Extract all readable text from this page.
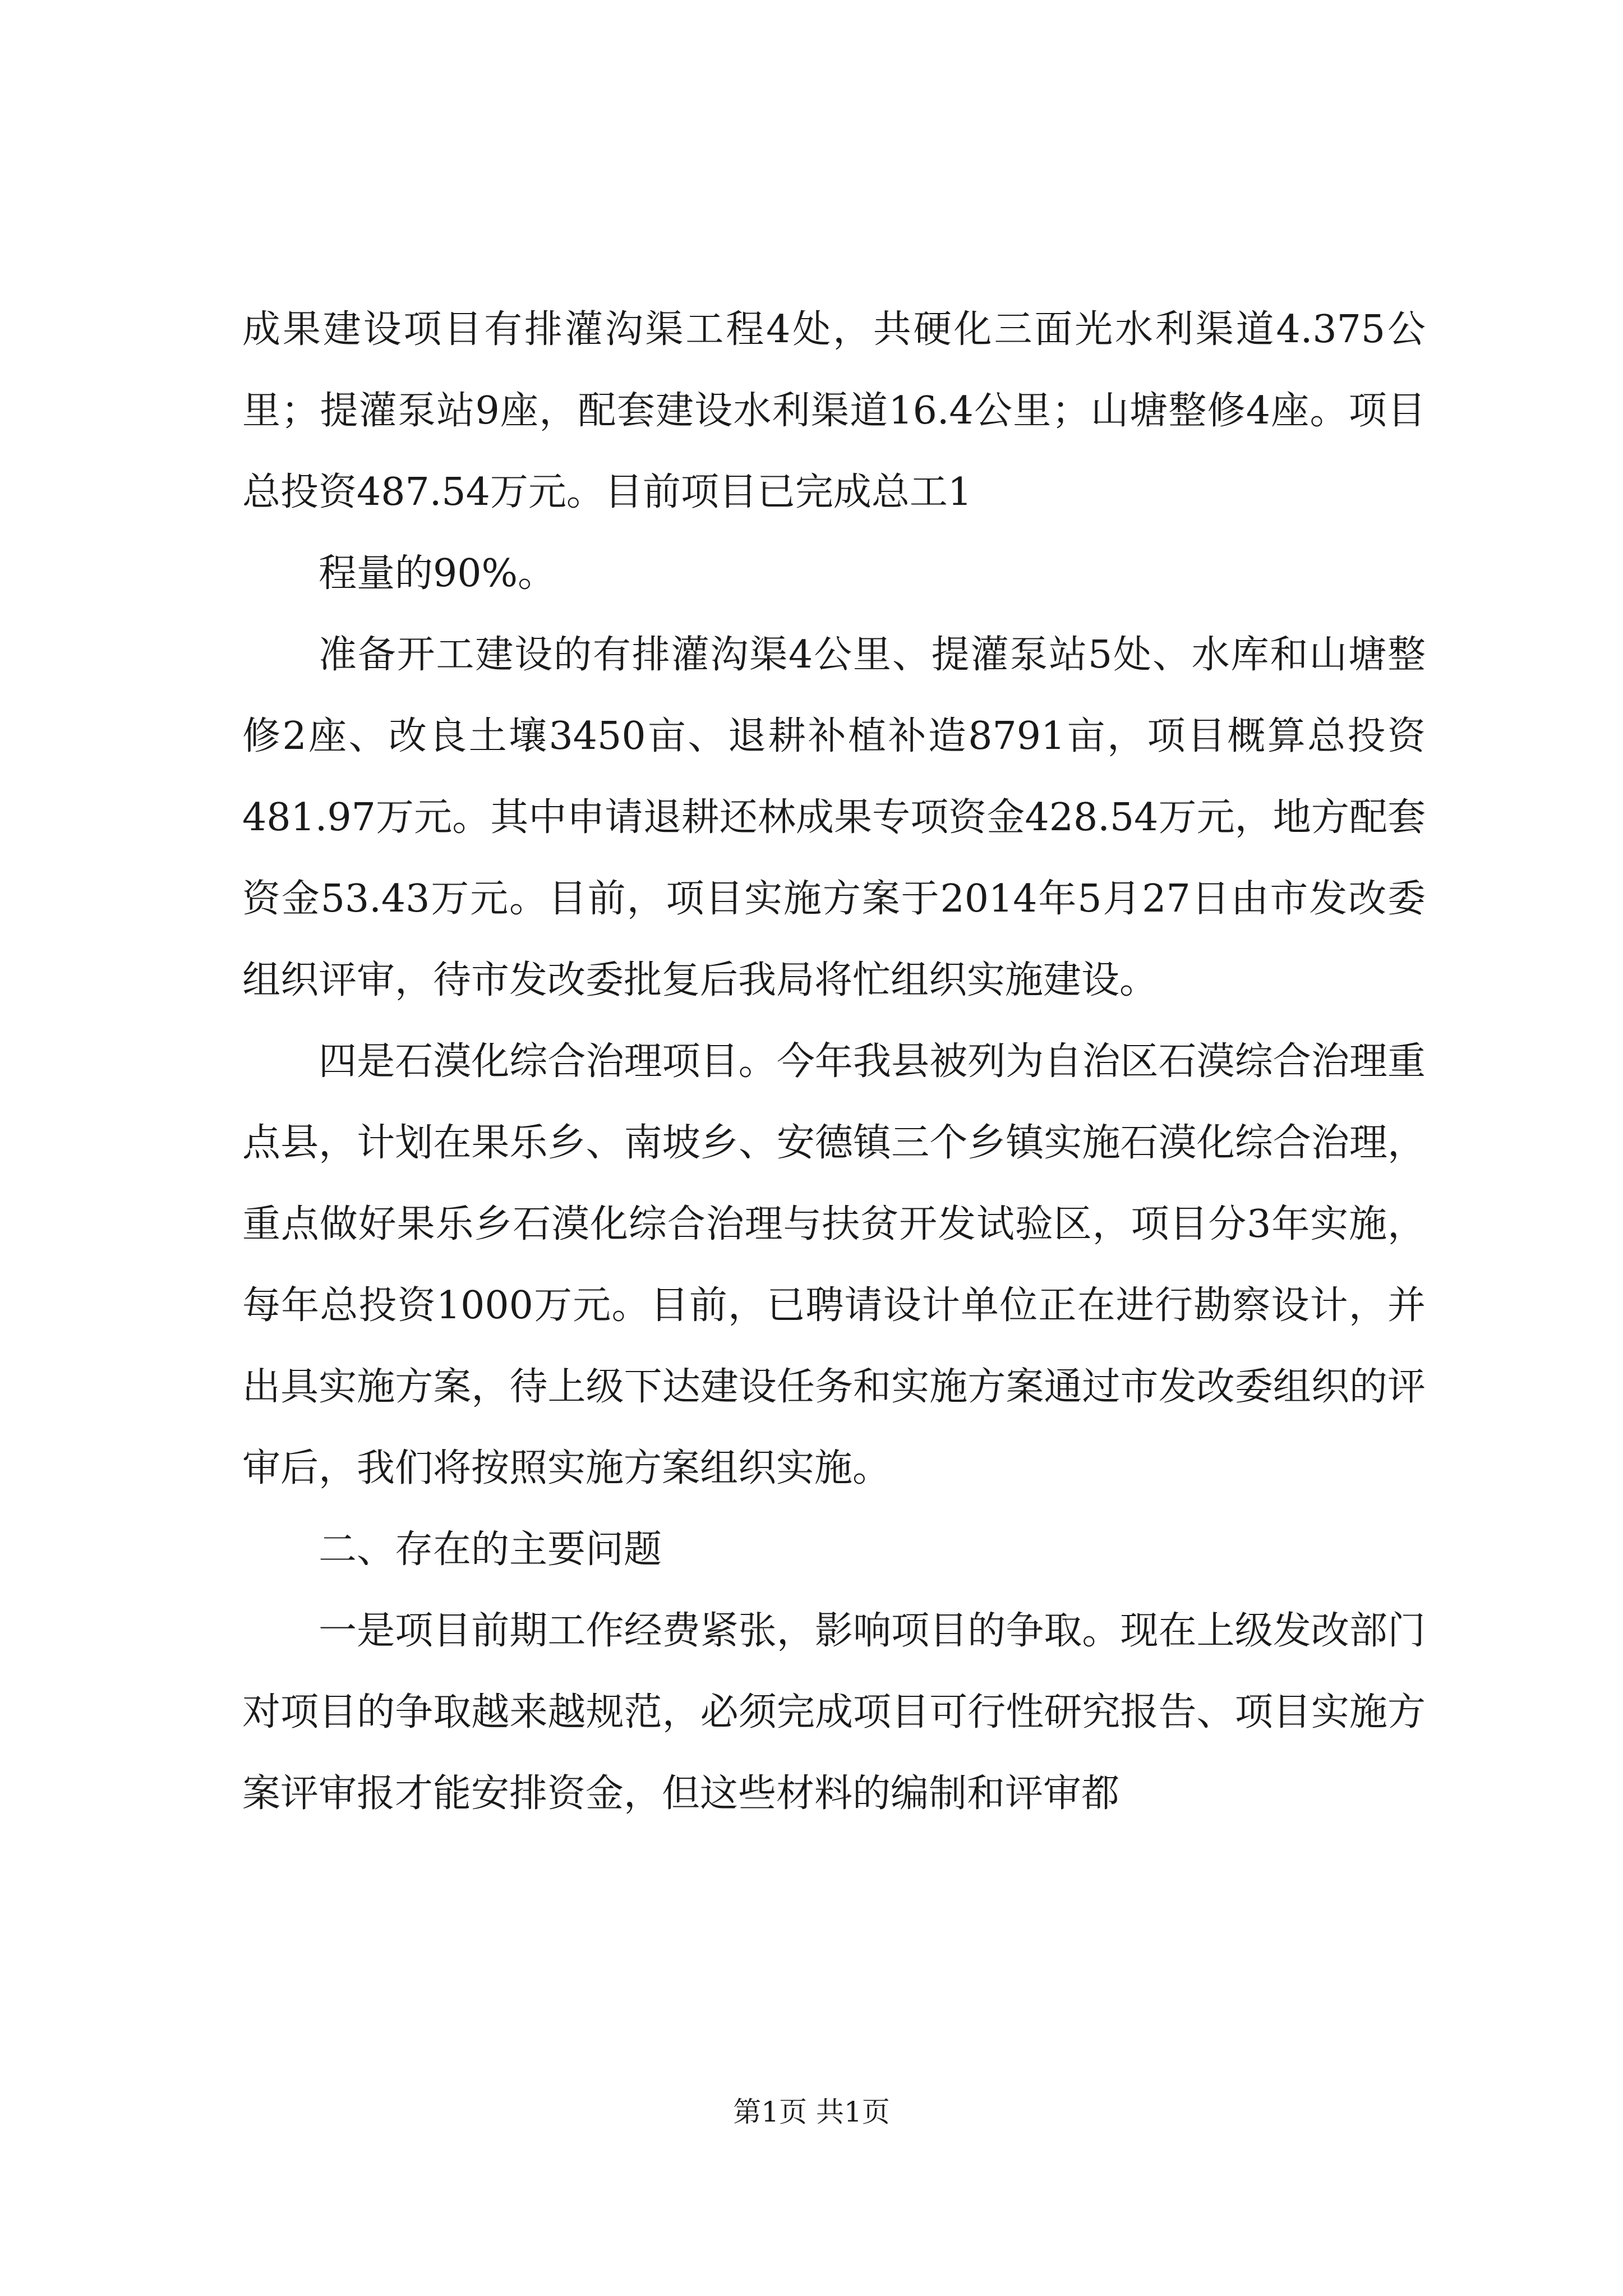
成果建设项目有排灌沟渠工程4处，共硬化三面光水利渠道4.375公里；提灌泵站9座，配套建设水利渠道16.4公里；山塘整修4座。项目总投资487.54万元。目前项目已完成总工1

程量的90%。

准备开工建设的有排灌沟渠4公里、提灌泵站5处、水库和山塘整修2座、改良土壤3450亩、退耕补植补造8791亩，项目概算总投资481.97万元。其中申请退耕还林成果专项资金428.54万元，地方配套资金53.43万元。目前，项目实施方案于2014年5月27日由市发改委组织评审，待市发改委批复后我局将忙组织实施建设。

四是石漠化综合治理项目。今年我县被列为自治区石漠综合治理重点县，计划在果乐乡、南坡乡、安德镇三个乡镇实施石漠化综合治理，重点做好果乐乡石漠化综合治理与扶贫开发试验区，项目分3年实施，每年总投资1000万元。目前，已聘请设计单位正在进行勘察设计，并出具实施方案，待上级下达建设任务和实施方案通过市发改委组织的评审后，我们将按照实施方案组织实施。

二、存在的主要问题

一是项目前期工作经费紧张，影响项目的争取。现在上级发改部门对项目的争取越来越规范，必须完成项目可行性研究报告、项目实施方案评审报才能安排资金，但这些材料的编制和评审都

第1页 共1页
